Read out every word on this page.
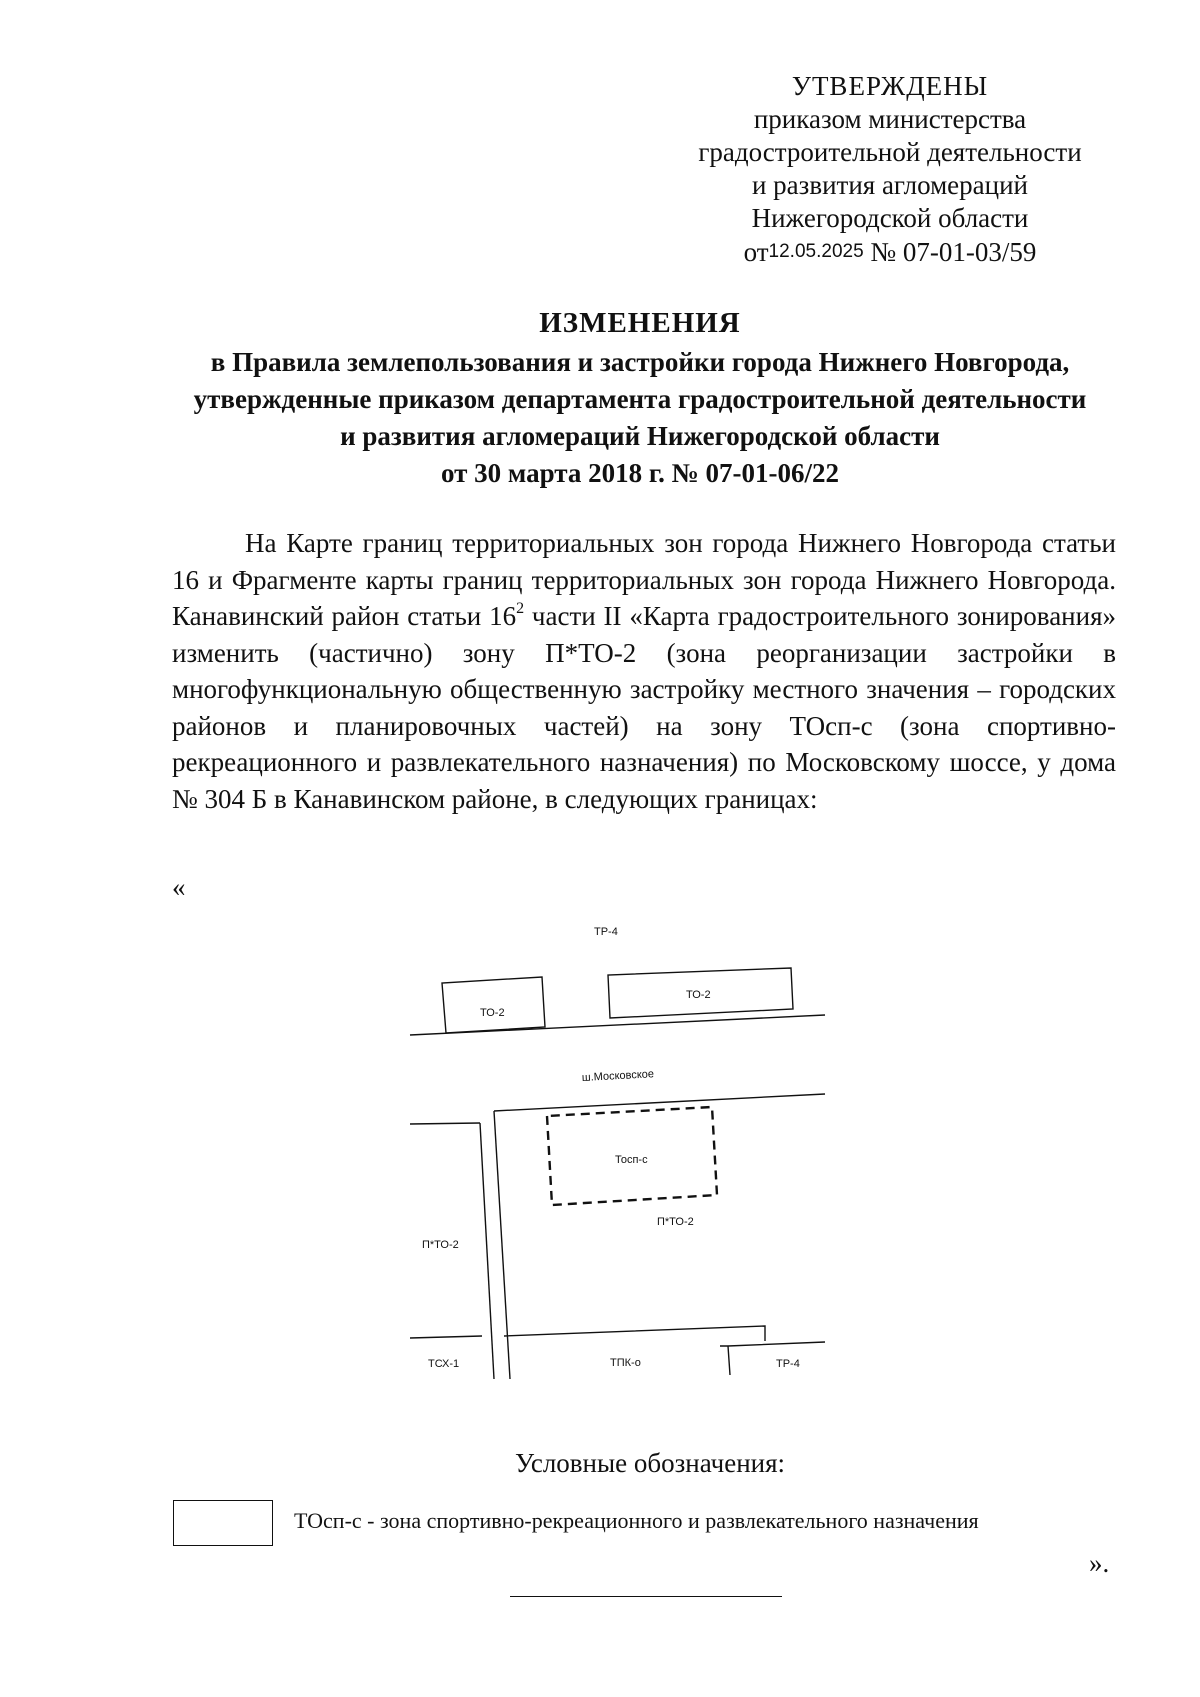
УТВЕРЖДЕНЫ
приказом министерства
градостроительной деятельности
и развития агломераций
Нижегородской области
от12.05.2025 № 07-01-03/59
ИЗМЕНЕНИЯ
в Правила землепользования и застройки города Нижнего Новгорода,
утвержденные приказом департамента градостроительной деятельности
и развития агломераций Нижегородской области
от 30 марта 2018 г. № 07-01-06/22
На Карте границ территориальных зон города Нижнего Новгорода статьи 16 и Фрагменте карты границ территориальных зон города Нижнего Новгорода. Канавинский район статьи $16^2$ части II «Карта градостроительного зонирования» изменить (частично) зону П*ТО-2 (зона реорганизации застройки в многофункциональную общественную застройку местного значения – городских районов и планировочных частей) на зону ТОсп-с (зона спортивно-рекреационного и развлекательного назначения) по Московскому шоссе, у дома № 304 Б в Канавинском районе, в следующих границах:
«
ТР-4
ТО-2
ТО-2
ш.Московское
Тосп-с
П*ТО-2
П*ТО-2
ТСХ-1	ТПК-о	ТР-4
Условные обозначения:
ТОсп-с - зона спортивно-рекреационного и развлекательного назначения
».
